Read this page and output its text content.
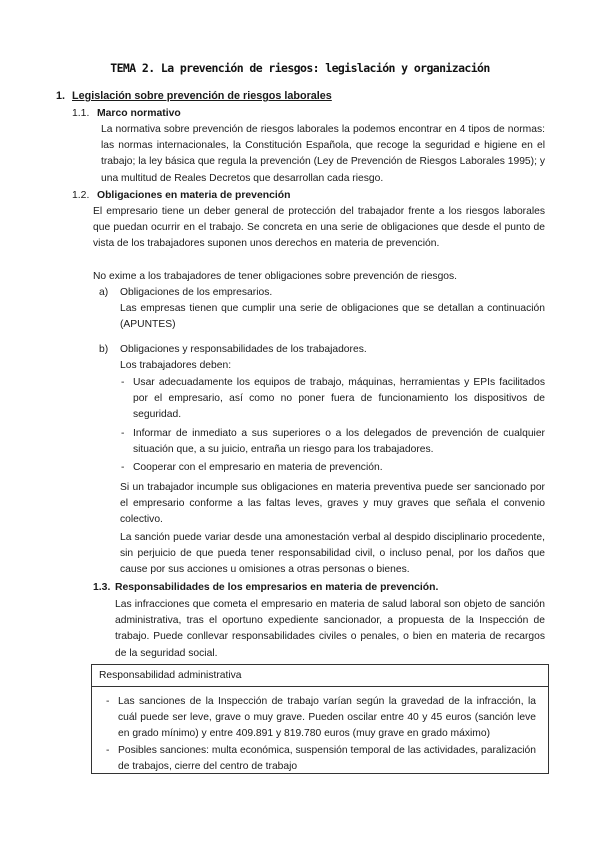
TEMA 2. La prevención de riesgos: legislación y organización
1. Legislación sobre prevención de riesgos laborales
1.1. Marco normativo
La normativa sobre prevención de riesgos laborales la podemos encontrar en 4 tipos de normas: las normas internacionales, la Constitución Española, que recoge la seguridad e higiene en el trabajo; la ley básica que regula la prevención (Ley de Prevención de Riesgos Laborales 1995); y una multitud de Reales Decretos que desarrollan cada riesgo.
1.2. Obligaciones en materia de prevención
El empresario tiene un deber general de protección del trabajador frente a los riesgos laborales que puedan ocurrir en el trabajo. Se concreta en una serie de obligaciones que desde el punto de vista de los trabajadores suponen unos derechos en materia de prevención.
No exime a los trabajadores de tener obligaciones sobre prevención de riesgos.
a) Obligaciones de los empresarios.
Las empresas tienen que cumplir una serie de obligaciones que se detallan a continuación (APUNTES)
b) Obligaciones y responsabilidades de los trabajadores.
Los trabajadores deben:
- Usar adecuadamente los equipos de trabajo, máquinas, herramientas y EPIs facilitados por el empresario, así como no poner fuera de funcionamiento los dispositivos de seguridad.
- Informar de inmediato a sus superiores o a los delegados de prevención de cualquier situación que, a su juicio, entraña un riesgo para los trabajadores.
- Cooperar con el empresario en materia de prevención.
Si un trabajador incumple sus obligaciones en materia preventiva puede ser sancionado por el empresario conforme a las faltas leves, graves y muy graves que señala el convenio colectivo.
La sanción puede variar desde una amonestación verbal al despido disciplinario procedente, sin perjuicio de que pueda tener responsabilidad civil, o incluso penal, por los daños que cause por sus acciones u omisiones a otras personas o bienes.
1.3. Responsabilidades de los empresarios en materia de prevención.
Las infracciones que cometa el empresario en materia de salud laboral son objeto de sanción administrativa, tras el oportuno expediente sancionador, a propuesta de la Inspección de trabajo. Puede conllevar responsabilidades civiles o penales, o bien en materia de recargos de la seguridad social.
Responsabilidad administrativa
- Las sanciones de la Inspección de trabajo varían según la gravedad de la infracción, la cuál puede ser leve, grave o muy grave. Pueden oscilar entre 40 y 45 euros (sanción leve en grado mínimo) y entre 409.891 y 819.780 euros (muy grave en grado máximo)
- Posibles sanciones: multa económica, suspensión temporal de las actividades, paralización de trabajos, cierre del centro de trabajo
